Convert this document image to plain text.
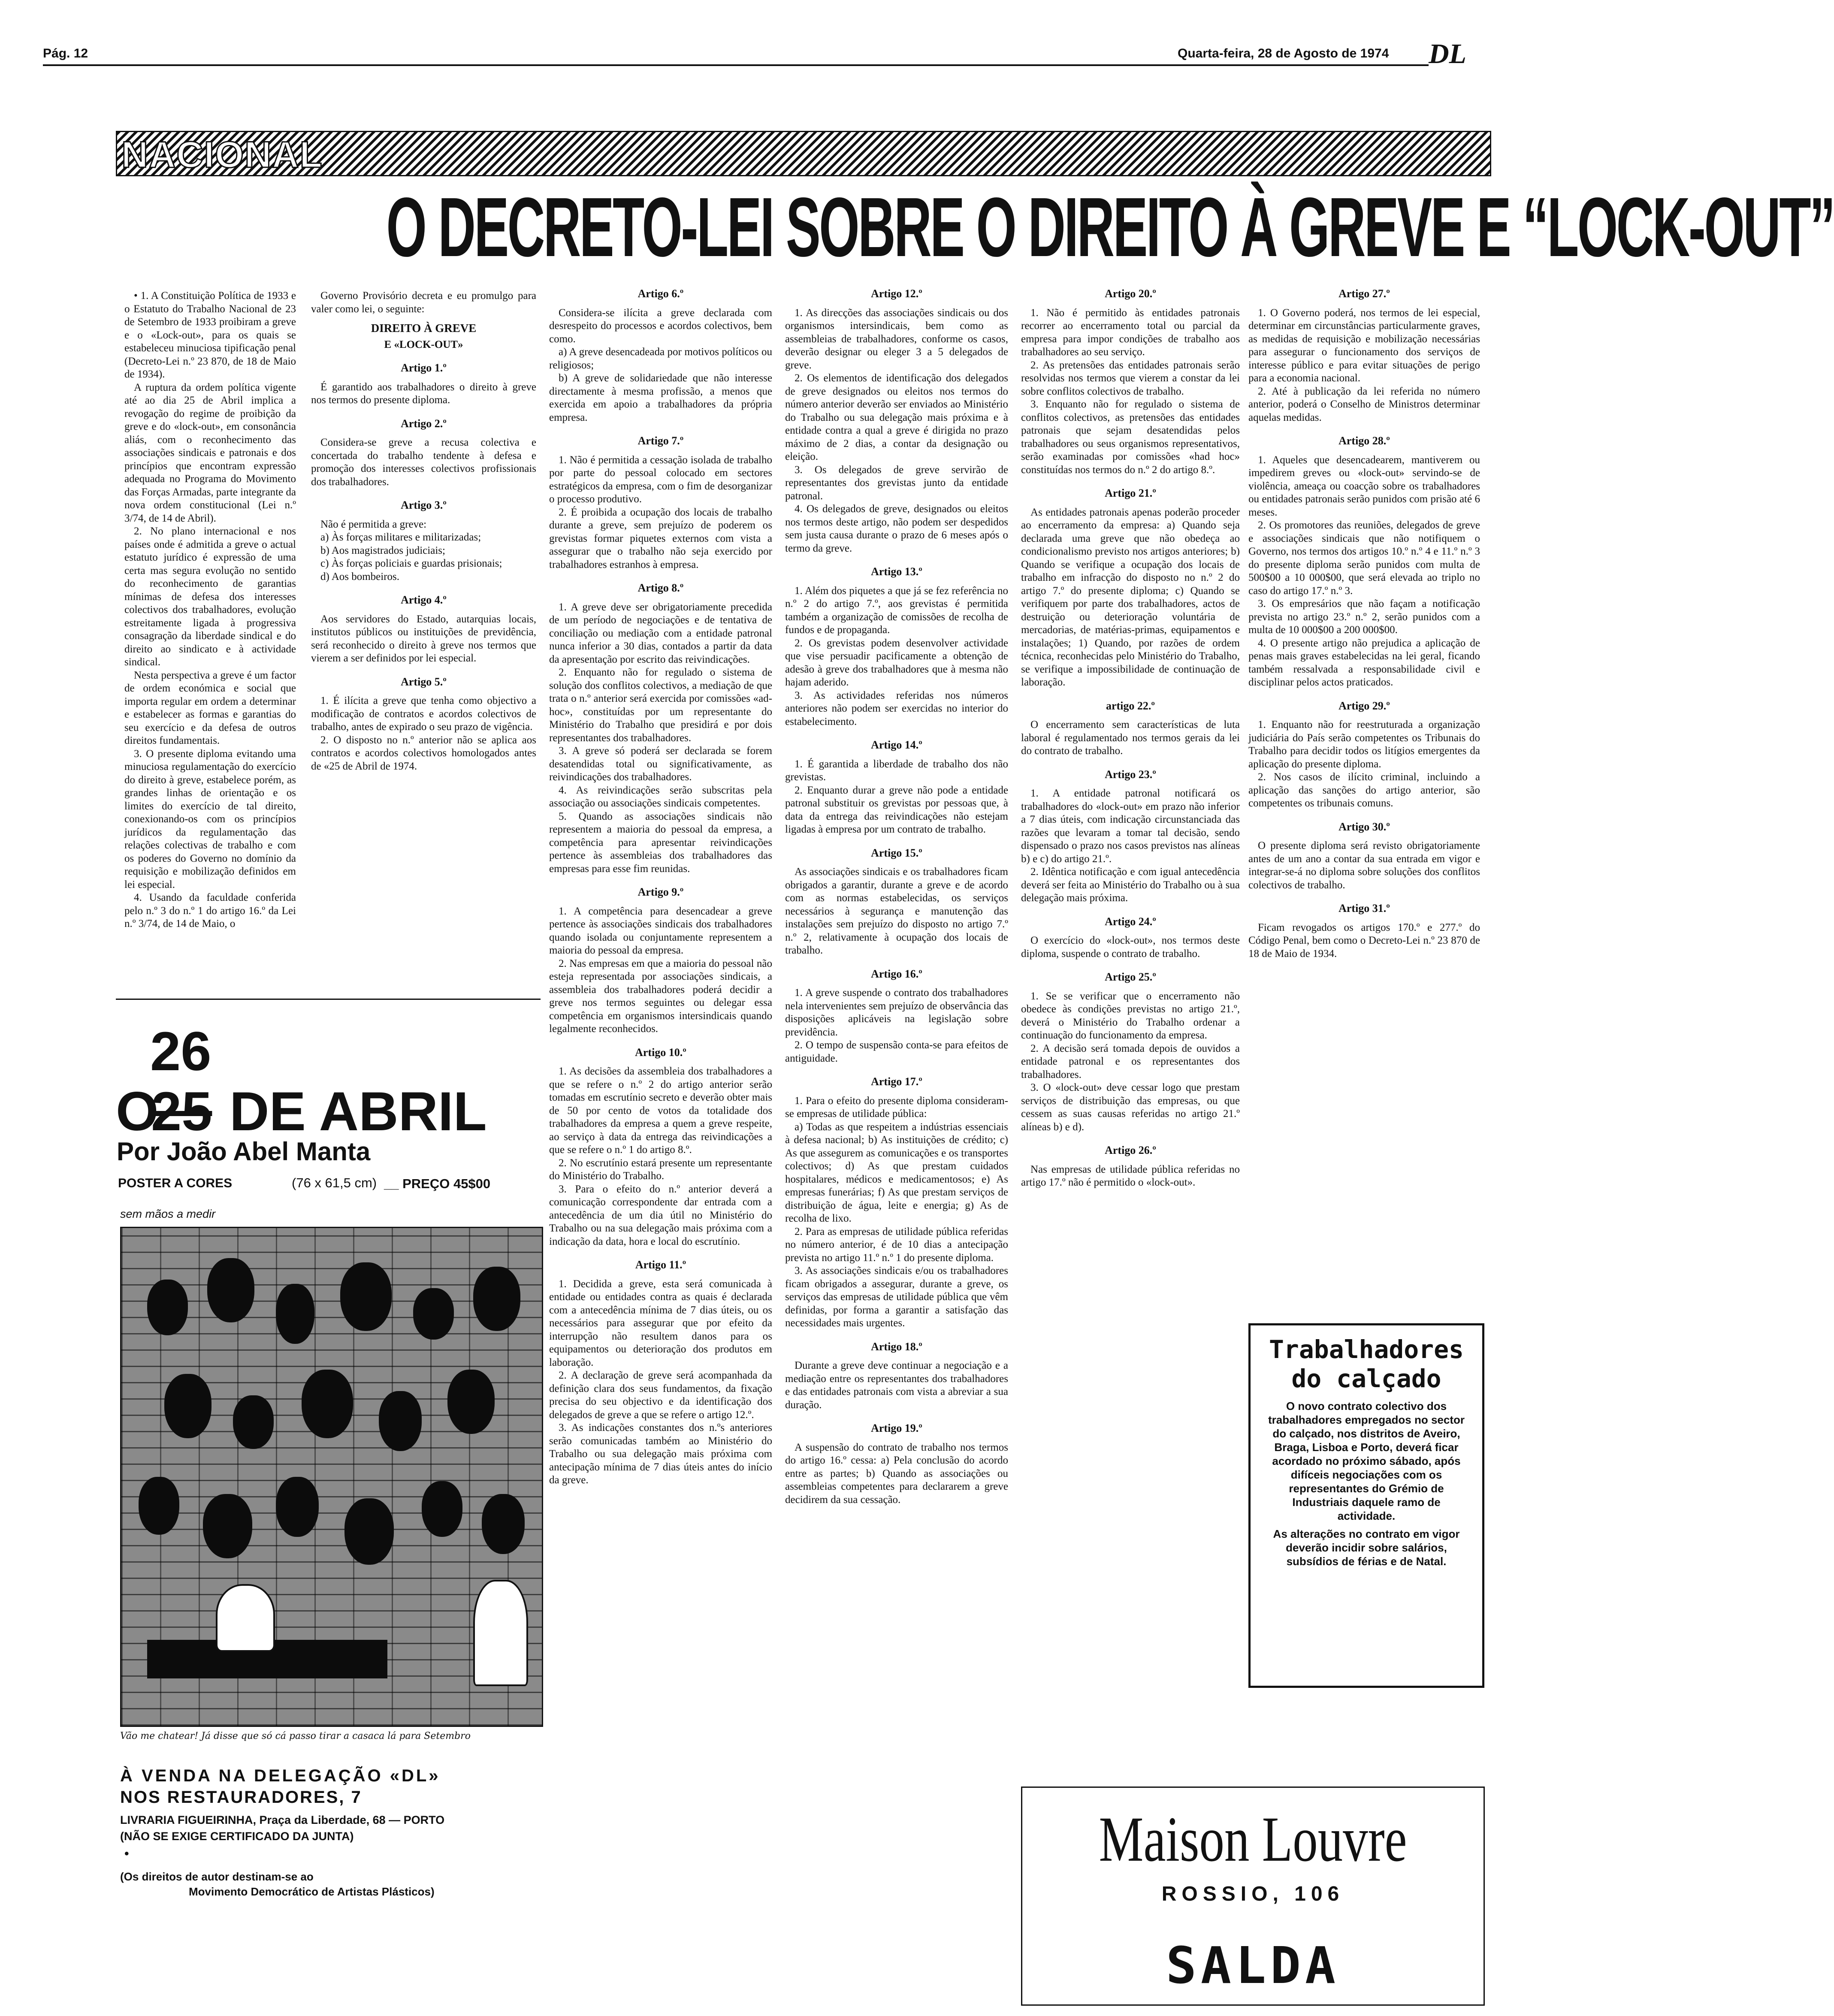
Pág. 12	Quarta-feira, 28 de Agosto de 1974 DL
NACIONAL
O DECRETO-LEI SOBRE O DIREITO À GREVE E “LOCK-OUT”

• 1. A Constituição Política de 1933 e o Estatuto do Trabalho Nacional de 23 de Setembro de 1933 proibiram a greve e o «Lock-out», para os quais se estabeleceu minuciosa tipificação penal (Decreto-Lei n.º 23 870, de 18 de Maio de 1934).

A ruptura da ordem política vigente até ao dia 25 de Abril implica a revogação do regime de proibição da greve e do «lock-out», em consonância aliás, com o reconhecimento das associações sindicais e patronais e dos princípios que encontram expressão adequada no Programa do Movimento das Forças Armadas, parte integrante da nova ordem constitucional (Lei n.º 3/74, de 14 de Abril).

2. No plano internacional e nos países onde é admitida a greve o actual estatuto jurídico é expressão de uma certa mas segura evolução no sentido do reconhecimento de garantias mínimas de defesa dos interesses colectivos dos trabalhadores, evolução estreitamente ligada à progressiva consagração da liberdade sindical e do direito ao sindicato e à actividade sindical.

Nesta perspectiva a greve é um factor de ordem económica e social que importa regular em ordem a determinar e estabelecer as formas e garantias do seu exercício e da defesa de outros direitos fundamentais.

3. O presente diploma evitando uma minuciosa regulamentação do exercício do direito à greve, estabelece porém, as grandes linhas de orientação e os limites do exercício de tal direito, conexionando-os com os princípios jurídicos da regulamentação das relações colectivas de trabalho e com os poderes do Governo no domínio da requisição e mobilização definidos em lei especial.

4. Usando da faculdade conferida pelo n.º 3 do n.º 1 do artigo 16.º da Lei n.º 3/74, de 14 de Maio, o

Governo Provisório decreta e eu promulgo para valer como lei, o seguinte:

DIREITO À GREVE
E «LOCK-OUT»
Artigo 1.º

É garantido aos trabalhadores o direito à greve nos termos do presente diploma.

Artigo 2.º

Considera-se greve a recusa colectiva e concertada do trabalho tendente à defesa e promoção dos interesses colectivos profissionais dos trabalhadores.

Artigo 3.º

Não é permitida a greve:

a) Às forças militares e militarizadas;

b) Aos magistrados judiciais;

c) Às forças policiais e guardas prisionais;

d) Aos bombeiros.

Artigo 4.º

Aos servidores do Estado, autarquias locais, institutos públicos ou instituições de previdência, será reconhecido o direito à greve nos termos que vierem a ser definidos por lei especial.

Artigo 5.º

1. É ilícita a greve que tenha como objectivo a modificação de contratos e acordos colectivos de trabalho, antes de expirado o seu prazo de vigência.

2. O disposto no n.º anterior não se aplica aos contratos e acordos colectivos homologados antes de «25 de Abril de 1974.

26
O
25 DE ABRIL
Por João Abel Manta
POSTER A CORES	(76 x 61,5 cm) __ PREÇO 45$00
sem mãos a medir
Vão me chatear! Já disse que só cá passo tirar a casaca lá para Setembro
À VENDA NA DELEGAÇÃO «DL»
NOS RESTAURADORES, 7
LIVRARIA FIGUEIRINHA, Praça da Liberdade, 68 — PORTO
(NÃO SE EXIGE CERTIFICADO DA JUNTA)
•
(Os direitos de autor destinam-se ao
Movimento Democrático de Artistas Plásticos)
Artigo 6.º

Considera-se ilícita a greve declarada com desrespeito do processos e acordos colectivos, bem como.

a) A greve desencadeada por motivos políticos ou religiosos;

b) A greve de solidariedade que não interesse directamente à mesma profissão, a menos que exercida em apoio a trabalhadores da própria empresa.

Artigo 7.º

1. Não é permitida a cessação isolada de trabalho por parte do pessoal colocado em sectores estratégicos da empresa, com o fim de desorganizar o processo produtivo.

2. É proibida a ocupação dos locais de trabalho durante a greve, sem prejuízo de poderem os grevistas formar piquetes externos com vista a assegurar que o trabalho não seja exercido por trabalhadores estranhos à empresa.

Artigo 8.º

1. A greve deve ser obrigatoriamente precedida de um período de negociações e de tentativa de conciliação ou mediação com a entidade patronal nunca inferior a 30 dias, contados a partir da data da apresentação por escrito das reivindicações.

2. Enquanto não for regulado o sistema de solução dos conflitos colectivos, a mediação de que trata o n.º anterior será exercida por comissões «ad-hoc», constituídas por um representante do Ministério do Trabalho que presidirá e por dois representantes dos trabalhadores.

3. A greve só poderá ser declarada se forem desatendidas total ou significativamente, as reivindicações dos trabalhadores.

4. As reivindicações serão subscritas pela associação ou associações sindicais competentes.

5. Quando as associações sindicais não representem a maioria do pessoal da empresa, a competência para apresentar reivindicações pertence às assembleias dos trabalhadores das empresas para esse fim reunidas.

Artigo 9.º

1. A competência para desencadear a greve pertence às associações sindicais dos trabalhadores quando isolada ou conjuntamente representem a maioria do pessoal da empresa.

2. Nas empresas em que a maioria do pessoal não esteja representada por associações sindicais, a assembleia dos trabalhadores poderá decidir a greve nos termos seguintes ou delegar essa competência em organismos intersindicais quando legalmente reconhecidos.

Artigo 10.º

1. As decisões da assembleia dos trabalhadores a que se refere o n.º 2 do artigo anterior serão tomadas em escrutínio secreto e deverão obter mais de 50 por cento de votos da totalidade dos trabalhadores da empresa a quem a greve respeite, ao serviço à data da entrega das reivindicações a que se refere o n.º 1 do artigo 8.º.

2. No escrutínio estará presente um representante do Ministério do Trabalho.

3. Para o efeito do n.º anterior deverá a comunicação correspondente dar entrada com a antecedência de um dia útil no Ministério do Trabalho ou na sua delegação mais próxima com a indicação da data, hora e local do escrutínio.

Artigo 11.º

1. Decidida a greve, esta será comunicada à entidade ou entidades contra as quais é declarada com a antecedência mínima de 7 dias úteis, ou os necessários para assegurar que por efeito da interrupção não resultem danos para os equipamentos ou deterioração dos produtos em laboração.

2. A declaração de greve será acompanhada da definição clara dos seus fundamentos, da fixação precisa do seu objectivo e da identificação dos delegados de greve a que se refere o artigo 12.º.

3. As indicações constantes dos n.ºs anteriores serão comunicadas também ao Ministério do Trabalho ou sua delegação mais próxima com antecipação mínima de 7 dias úteis antes do início da greve.

Artigo 12.º

1. As direcções das associações sindicais ou dos organismos intersindicais, bem como as assembleias de trabalhadores, conforme os casos, deverão designar ou eleger 3 a 5 delegados de greve.

2. Os elementos de identificação dos delegados de greve designados ou eleitos nos termos do número anterior deverão ser enviados ao Ministério do Trabalho ou sua delegação mais próxima e à entidade contra a qual a greve é dirigida no prazo máximo de 2 dias, a contar da designação ou eleição.

3. Os delegados de greve servirão de representantes dos grevistas junto da entidade patronal.

4. Os delegados de greve, designados ou eleitos nos termos deste artigo, não podem ser despedidos sem justa causa durante o prazo de 6 meses após o termo da greve.

Artigo 13.º

1. Além dos piquetes a que já se fez referência no n.º 2 do artigo 7.º, aos grevistas é permitida também a organização de comissões de recolha de fundos e de propaganda.

2. Os grevistas podem desenvolver actividade que vise persuadir pacificamente a obtenção de adesão à greve dos trabalhadores que à mesma não hajam aderido.

3. As actividades referidas nos números anteriores não podem ser exercidas no interior do estabelecimento.

Artigo 14.º

1. É garantida a liberdade de trabalho dos não grevistas.

2. Enquanto durar a greve não pode a entidade patronal substituir os grevistas por pessoas que, à data da entrega das reivindicações não estejam ligadas à empresa por um contrato de trabalho.

Artigo 15.º

As associações sindicais e os trabalhadores ficam obrigados a garantir, durante a greve e de acordo com as normas estabelecidas, os serviços necessários à segurança e manutenção das instalações sem prejuízo do disposto no artigo 7.º n.º 2, relativamente à ocupação dos locais de trabalho.

Artigo 16.º

1. A greve suspende o contrato dos trabalhadores nela intervenientes sem prejuízo de observância das disposições aplicáveis na legislação sobre previdência.

2. O tempo de suspensão conta-se para efeitos de antiguidade.

Artigo 17.º

1. Para o efeito do presente diploma consideram-se empresas de utilidade pública:

a) Todas as que respeitem a indústrias essenciais à defesa nacional; b) As instituições de crédito; c) As que assegurem as comunicações e os transportes colectivos; d) As que prestam cuidados hospitalares, médicos e medicamentosos; e) As empresas funerárias; f) As que prestam serviços de distribuição de água, leite e energia; g) As de recolha de lixo.

2. Para as empresas de utilidade pública referidas no número anterior, é de 10 dias a antecipação prevista no artigo 11.º n.º 1 do presente diploma.

3. As associações sindicais e/ou os trabalhadores ficam obrigados a assegurar, durante a greve, os serviços das empresas de utilidade pública que vêm definidas, por forma a garantir a satisfação das necessidades mais urgentes.

Artigo 18.º

Durante a greve deve continuar a negociação e a mediação entre os representantes dos trabalhadores e das entidades patronais com vista a abreviar a sua duração.

Artigo 19.º

A suspensão do contrato de trabalho nos termos do artigo 16.º cessa: a) Pela conclusão do acordo entre as partes; b) Quando as associações ou assembleias competentes para declararem a greve decidirem da sua cessação.

Artigo 20.º

1. Não é permitido às entidades patronais recorrer ao encerramento total ou parcial da empresa para impor condições de trabalho aos trabalhadores ao seu serviço.

2. As pretensões das entidades patronais serão resolvidas nos termos que vierem a constar da lei sobre conflitos colectivos de trabalho.

3. Enquanto não for regulado o sistema de conflitos colectivos, as pretensões das entidades patronais que sejam desatendidas pelos trabalhadores ou seus organismos representativos, serão examinadas por comissões «had hoc» constituídas nos termos do n.º 2 do artigo 8.º.

Artigo 21.º

As entidades patronais apenas poderão proceder ao encerramento da empresa: a) Quando seja declarada uma greve que não obedeça ao condicionalismo previsto nos artigos anteriores; b) Quando se verifique a ocupação dos locais de trabalho em infracção do disposto no n.º 2 do artigo 7.º do presente diploma; c) Quando se verifiquem por parte dos trabalhadores, actos de destruição ou deterioração voluntária de mercadorias, de matérias-primas, equipamentos e instalações; 1) Quando, por razões de ordem técnica, reconhecidas pelo Ministério do Trabalho, se verifique a impossibilidade de continuação de laboração.

artigo 22.º

O encerramento sem características de luta laboral é regulamentado nos termos gerais da lei do contrato de trabalho.

Artigo 23.º

1. A entidade patronal notificará os trabalhadores do «lock-out» em prazo não inferior a 7 dias úteis, com indicação circunstanciada das razões que levaram a tomar tal decisão, sendo dispensado o prazo nos casos previstos nas alíneas b) e c) do artigo 21.º.

2. Idêntica notificação e com igual antecedência deverá ser feita ao Ministério do Trabalho ou à sua delegação mais próxima.

Artigo 24.º

O exercício do «lock-out», nos termos deste diploma, suspende o contrato de trabalho.

Artigo 25.º

1. Se se verificar que o encerramento não obedece às condições previstas no artigo 21.º, deverá o Ministério do Trabalho ordenar a continuação do funcionamento da empresa.

2. A decisão será tomada depois de ouvidos a entidade patronal e os representantes dos trabalhadores.

3. O «lock-out» deve cessar logo que prestam serviços de distribuição das empresas, ou que cessem as suas causas referidas no artigo 21.º alíneas b) e d).

Artigo 26.º

Nas empresas de utilidade pública referidas no artigo 17.º não é permitido o «lock-out».

Artigo 27.º

1. O Governo poderá, nos termos de lei especial, determinar em circunstâncias particularmente graves, as medidas de requisição e mobilização necessárias para assegurar o funcionamento dos serviços de interesse público e para evitar situações de perigo para a economia nacional.

2. Até à publicação da lei referida no número anterior, poderá o Conselho de Ministros determinar aquelas medidas.

Artigo 28.º

1. Aqueles que desencadearem, mantiverem ou impedirem greves ou «lock-out» servindo-se de violência, ameaça ou coacção sobre os trabalhadores ou entidades patronais serão punidos com prisão até 6 meses.

2. Os promotores das reuniões, delegados de greve e associações sindicais que não notifiquem o Governo, nos termos dos artigos 10.º n.º 4 e 11.º n.º 3 do presente diploma serão punidos com multa de 500$00 a 10 000$00, que será elevada ao triplo no caso do artigo 17.º n.º 3.

3. Os empresários que não façam a notificação prevista no artigo 23.º n.º 2, serão punidos com a multa de 10 000$00 a 200 000$00.

4. O presente artigo não prejudica a aplicação de penas mais graves estabelecidas na lei geral, ficando também ressalvada a responsabilidade civil e disciplinar pelos actos praticados.

Artigo 29.º

1. Enquanto não for reestruturada a organização judiciária do País serão competentes os Tribunais do Trabalho para decidir todos os litígios emergentes da aplicação do presente diploma.

2. Nos casos de ilícito criminal, incluindo a aplicação das sanções do artigo anterior, são competentes os tribunais comuns.

Artigo 30.º

O presente diploma será revisto obrigatoriamente antes de um ano a contar da sua entrada em vigor e integrar-se-á no diploma sobre soluções dos conflitos colectivos de trabalho.

Artigo 31.º

Ficam revogados os artigos 170.º e 277.º do Código Penal, bem como o Decreto-Lei n.º 23 870 de 18 de Maio de 1934.

Trabalhadores
do calçado
O novo contrato colectivo dos trabalhadores empregados no sector do calçado, nos distritos de Aveiro, Braga, Lisboa e Porto, deverá ficar acordado no próximo sábado, após difíceis negociações com os representantes do Grémio de Industriais daquele ramo de actividade.
As alterações no contrato em vigor deverão incidir sobre salários, subsídios de férias e de Natal.
Maison Louvre
ROSSIO, 106
SALDA
